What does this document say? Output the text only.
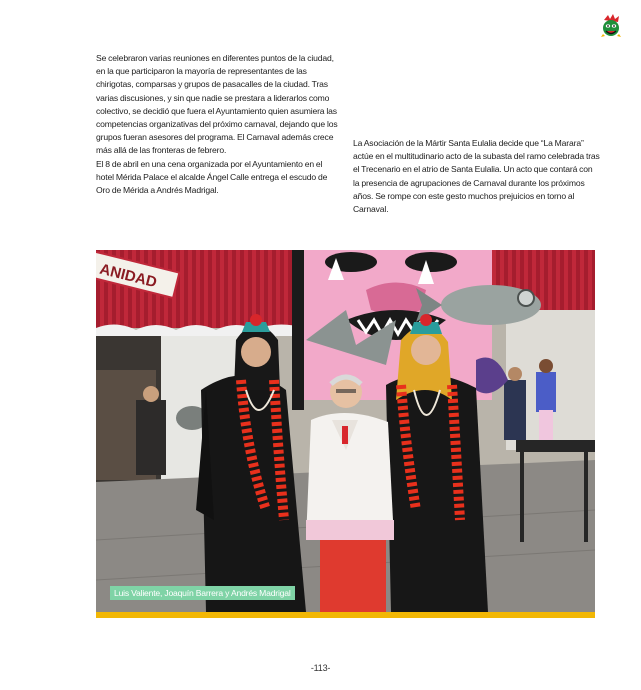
Se celebraron varias reuniones en diferentes puntos de la ciudad, en la que participaron la mayoría de representantes de las chirigotas, comparsas y grupos de pasacalles de la ciudad. Tras varias discusiones, y sin que nadie se prestara a liderarlos como colectivo, se decidió que fuera el Ayuntamiento quien asumiera las competencias organizativas del próximo carnaval, dejando que los grupos fueran asesores del programa. El Carnaval además crece más allá de las fronteras de febrero.

El 8 de abril en una cena organizada por el Ayuntamiento en el hotel Mérida Palace el alcalde Ángel Calle entrega el escudo de Oro de Mérida a Andrés Madrigal.

La Asociación de la Mártir Santa Eulalia decide que “La Marara” actúe en el multitudinario acto de la subasta del ramo celebrada tras el Trecenario en el atrio de Santa Eulalia. Un acto que contará con la presencia de agrupaciones de Carnaval durante los próximos años. Se rompe con este gesto muchos prejuicios en torno al Carnaval.

ANIDAD
Luis Valiente, Joaquín Barrera y Andrés Madrigal
-113-
